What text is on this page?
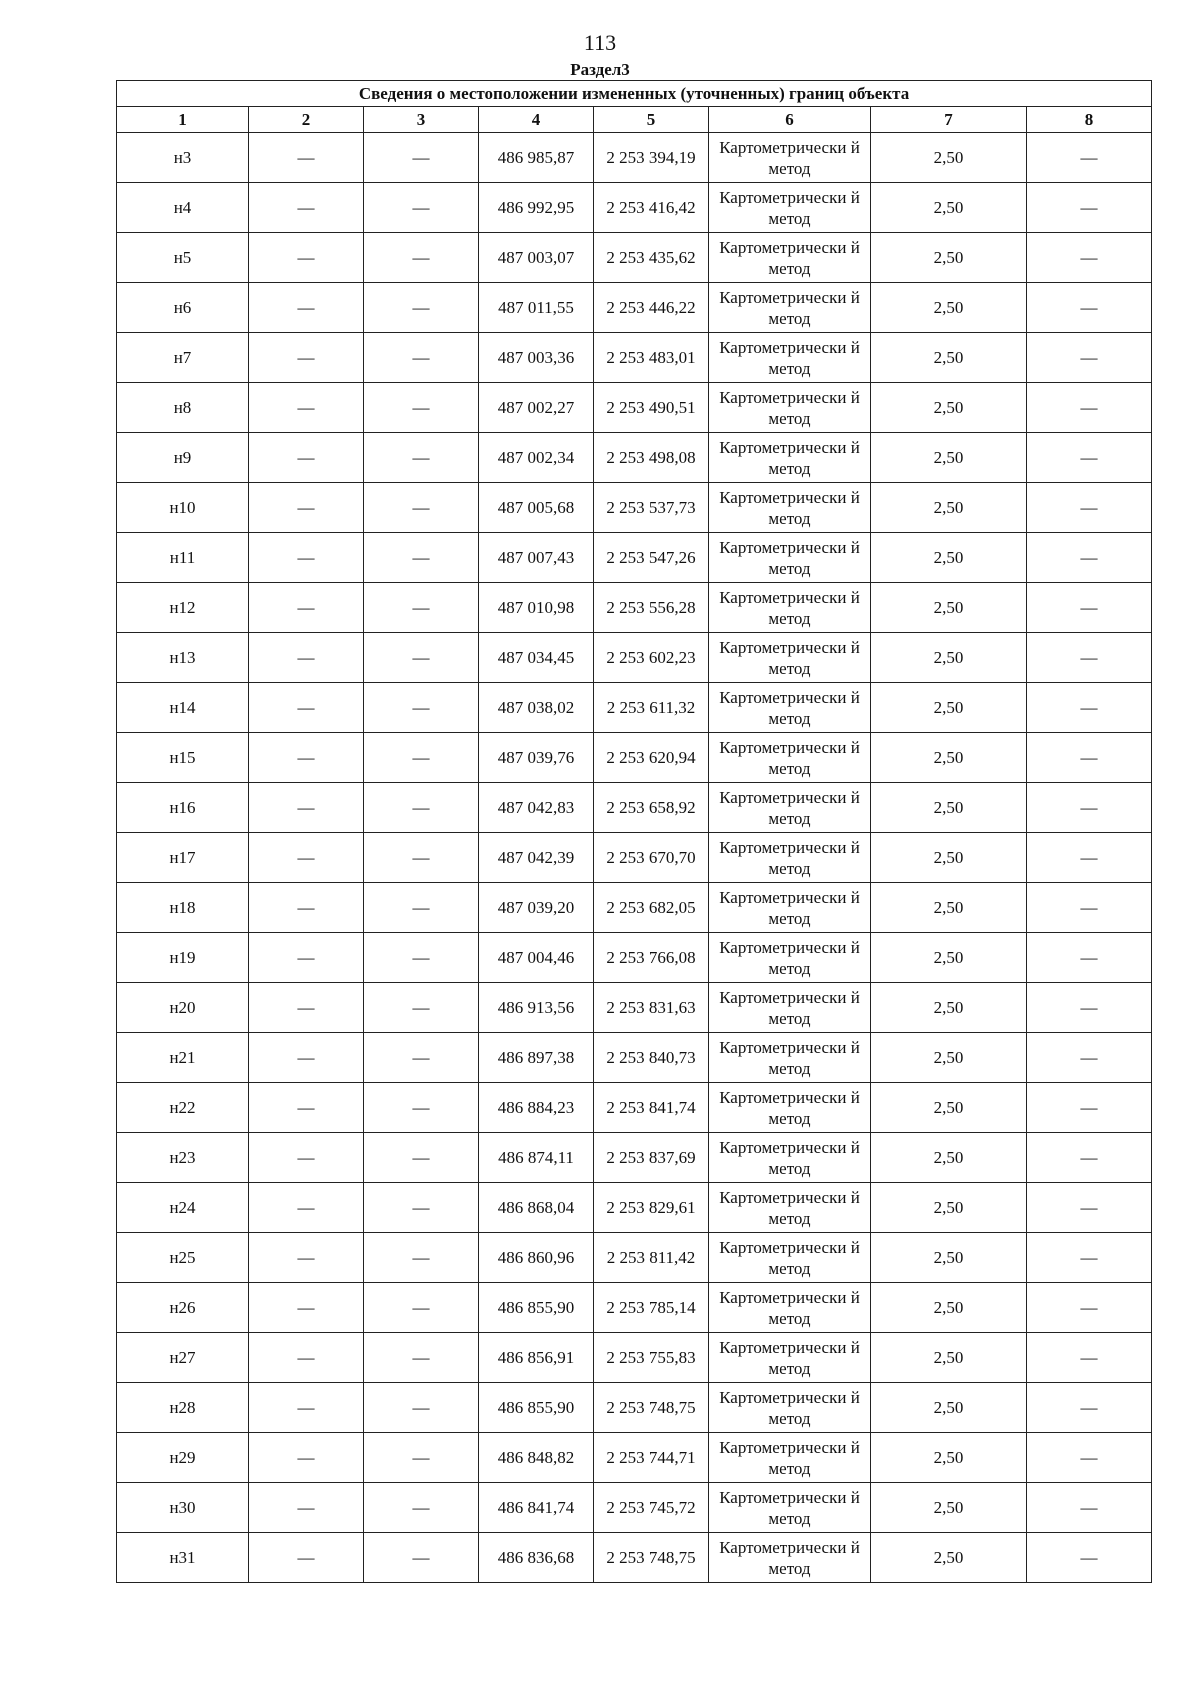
113
Раздел3
Сведения о местоположении измененных (уточненных) границ объекта							
1	2	3	4	5	6	7	8
н3	—	—	486 985,87	2 253 394,19	Картометрически й метод	2,50	—
н4	—	—	486 992,95	2 253 416,42	Картометрически й метод	2,50	—
н5	—	—	487 003,07	2 253 435,62	Картометрически й метод	2,50	—
н6	—	—	487 011,55	2 253 446,22	Картометрически й метод	2,50	—
н7	—	—	487 003,36	2 253 483,01	Картометрически й метод	2,50	—
н8	—	—	487 002,27	2 253 490,51	Картометрически й метод	2,50	—
н9	—	—	487 002,34	2 253 498,08	Картометрически й метод	2,50	—
н10	—	—	487 005,68	2 253 537,73	Картометрически й метод	2,50	—
н11	—	—	487 007,43	2 253 547,26	Картометрически й метод	2,50	—
н12	—	—	487 010,98	2 253 556,28	Картометрически й метод	2,50	—
н13	—	—	487 034,45	2 253 602,23	Картометрически й метод	2,50	—
н14	—	—	487 038,02	2 253 611,32	Картометрически й метод	2,50	—
н15	—	—	487 039,76	2 253 620,94	Картометрически й метод	2,50	—
н16	—	—	487 042,83	2 253 658,92	Картометрически й метод	2,50	—
н17	—	—	487 042,39	2 253 670,70	Картометрически й метод	2,50	—
н18	—	—	487 039,20	2 253 682,05	Картометрически й метод	2,50	—
н19	—	—	487 004,46	2 253 766,08	Картометрически й метод	2,50	—
н20	—	—	486 913,56	2 253 831,63	Картометрически й метод	2,50	—
н21	—	—	486 897,38	2 253 840,73	Картометрически й метод	2,50	—
н22	—	—	486 884,23	2 253 841,74	Картометрически й метод	2,50	—
н23	—	—	486 874,11	2 253 837,69	Картометрически й метод	2,50	—
н24	—	—	486 868,04	2 253 829,61	Картометрически й метод	2,50	—
н25	—	—	486 860,96	2 253 811,42	Картометрически й метод	2,50	—
н26	—	—	486 855,90	2 253 785,14	Картометрически й метод	2,50	—
н27	—	—	486 856,91	2 253 755,83	Картометрически й метод	2,50	—
н28	—	—	486 855,90	2 253 748,75	Картометрически й метод	2,50	—
н29	—	—	486 848,82	2 253 744,71	Картометрически й метод	2,50	—
н30	—	—	486 841,74	2 253 745,72	Картометрически й метод	2,50	—
н31	—	—	486 836,68	2 253 748,75	Картометрически й метод	2,50	—
